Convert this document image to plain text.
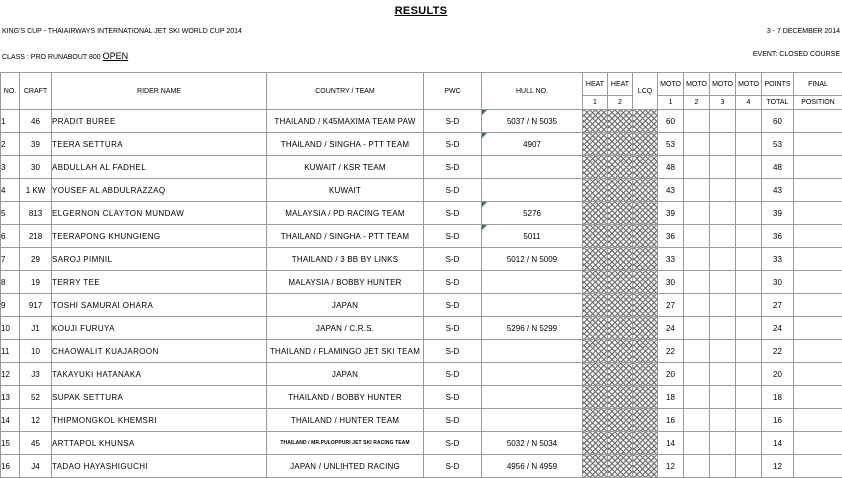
RESULTS
KING'S CUP - THAIAIRWAYS INTERNATIONAL JET SKI WORLD CUP 2014	3 - 7 DECEMBER 2014
CLASS : PRO RUNABOUT 800 OPEN	EVENT: CLOSED COURSE
NO.	CRAFT	RIDER NAME	COUNTRY / TEAM	PWC	HULL NO.	HEAT	HEAT	LCQ	MOTO	MOTO	MOTO	MOTO	POINTS	FINAL
						1	2		1	2	3	4	TOTAL	POSITION
1	46	PRADIT BUREE	THAILAND / K45MAXIMA TEAM PAW	S-D	5037 / N 5035				60				60	
2	39	TEERA SETTURA	THAILAND / SINGHA - PTT TEAM	S-D	4907				53				53	
3	30	ABDULLAH AL FADHEL	KUWAIT / KSR TEAM	S-D					48				48	
4	1 KW	YOUSEF AL ABDULRAZZAQ	KUWAIT	S-D					43				43	
5	813	ELGERNON CLAYTON MUNDAW	MALAYSIA / PD RACING TEAM	S-D	5276				39				39	
6	218	TEERAPONG KHUNGIENG	THAILAND / SINGHA - PTT TEAM	S-D	5011				36				36	
7	29	SAROJ PIMNIL	THAILAND / 3 BB BY LINKS	S-D	5012 / N 5009				33				33	
8	19	TERRY TEE	MALAYSIA / BOBBY HUNTER	S-D					30				30	
9	917	TOSHI SAMURAI OHARA	JAPAN	S-D					27				27	
10	J1	KOUJI FURUYA	JAPAN / C.R.S.	S-D	5296 / N 5299				24				24	
11	10	CHAOWALIT KUAJAROON	THAILAND / FLAMINGO JET SKI TEAM	S-D					22				22	
12	J3	TAKAYUKI HATANAKA	JAPAN	S-D					20				20	
13	52	SUPAK SETTURA	THAILAND / BOBBY HUNTER	S-D					18				18	
14	12	THIPMONGKOL KHEMSRI	THAILAND / HUNTER TEAM	S-D					16				16	
15	45	ARTTAPOL KHUNSA	THAILAND / MR.PULOPPURI JET SKI RACING TEAM	S-D	5032 / N 5034				14				14	
16	J4	TADAO HAYASHIGUCHI	JAPAN / UNLIHTED RACING	S-D	4956 / N 4959				12				12	
